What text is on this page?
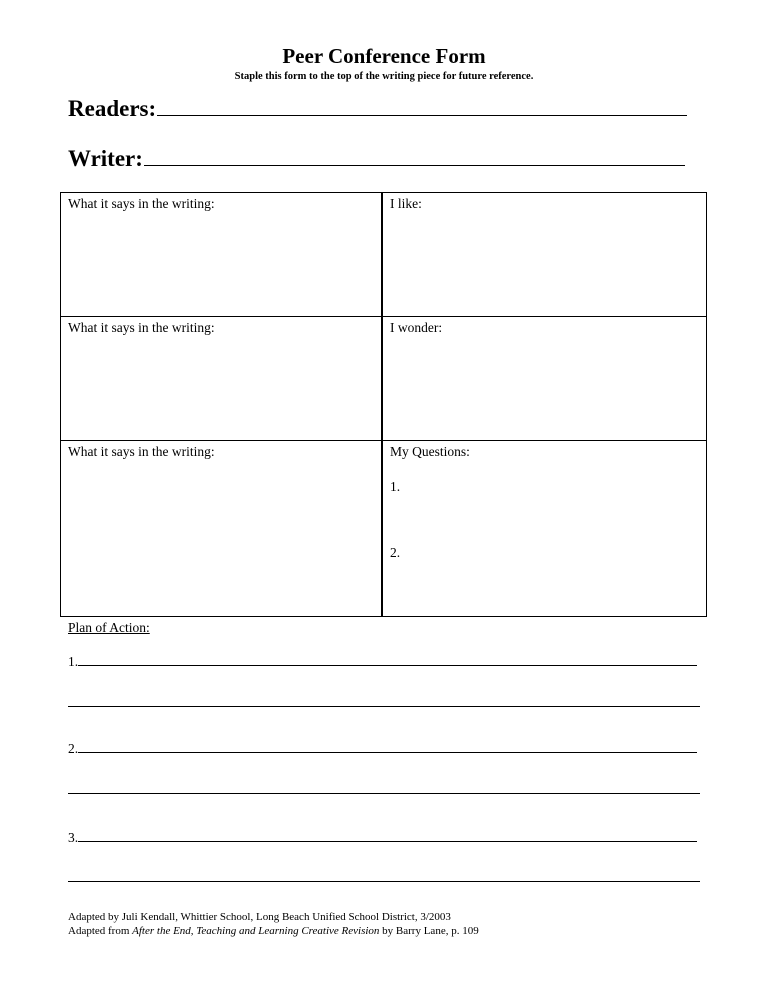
Peer Conference Form
Staple this form to the top of the writing piece for future reference.
Readers:
Writer:
What it says in the writing:	I like:
What it says in the writing:	I wonder:
What it says in the writing:	My Questions:
1.
2.
Plan of Action:
1.
2.
3.
Adapted by Juli Kendall, Whittier School, Long Beach Unified School District, 3/2003
Adapted from After the End, Teaching and Learning Creative Revision by Barry Lane, p. 109
